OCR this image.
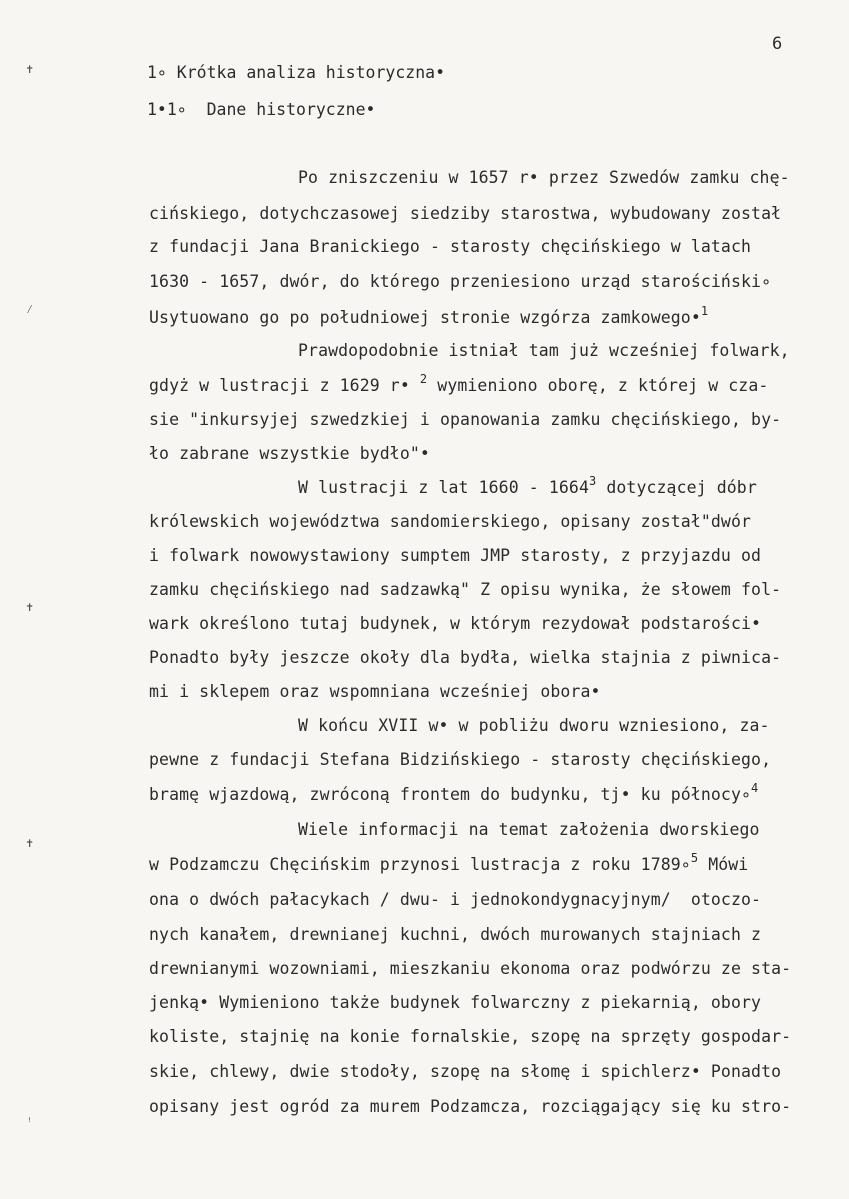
6
1∘ Krótka analiza historyczna•
1•1∘  Dane historyczne•
✝
⁄
✝
✝
ꜝ
Po zniszczeniu w 1657 r• przez Szwedów zamku chę-
cińskiego, dotychczasowej siedziby starostwa, wybudowany został
z fundacji Jana Branickiego - starosty chęcińskiego w latach
1630 - 1657, dwór, do którego przeniesiono urząd starościński∘
Usytuowano go po południowej stronie wzgórza zamkowego•$^1$
Prawdopodobnie istniał tam już wcześniej folwark,
gdyż w lustracji z 1629 r• $^2$ wymieniono oborę, z której w cza-
sie "inkursyjej szwedzkiej i opanowania zamku chęcińskiego, by-
ło zabrane wszystkie bydło"•
W lustracji z lat 1660 - 1664$^3$ dotyczącej dóbr
królewskich województwa sandomierskiego, opisany został"dwór
i folwark nowowystawiony sumptem JMP starosty, z przyjazdu od
zamku chęcińskiego nad sadzawką" Z opisu wynika, że słowem fol-
wark określono tutaj budynek, w którym rezydował podstarości•
Ponadto były jeszcze okoły dla bydła, wielka stajnia z piwnica-
mi i sklepem oraz wspomniana wcześniej obora•
W końcu XVII w• w pobliżu dworu wzniesiono, za-
pewne z fundacji Stefana Bidzińskiego - starosty chęcińskiego,
bramę wjazdową, zwróconą frontem do budynku, tj• ku północy∘$^4$
Wiele informacji na temat założenia dworskiego
w Podzamczu Chęcińskim przynosi lustracja z roku 1789∘$^5$ Mówi
ona o dwóch pałacykach / dwu- i jednokondygnacyjnym/  otoczo-
nych kanałem, drewnianej kuchni, dwóch murowanych stajniach z
drewnianymi wozowniami, mieszkaniu ekonoma oraz podwórzu ze sta-
jenką• Wymieniono także budynek folwarczny z piekarnią, obory
koliste, stajnię na konie fornalskie, szopę na sprzęty gospodar-
skie, chlewy, dwie stodoły, szopę na słomę i spichlerz• Ponadto
opisany jest ogród za murem Podzamcza, rozciągający się ku stro-
